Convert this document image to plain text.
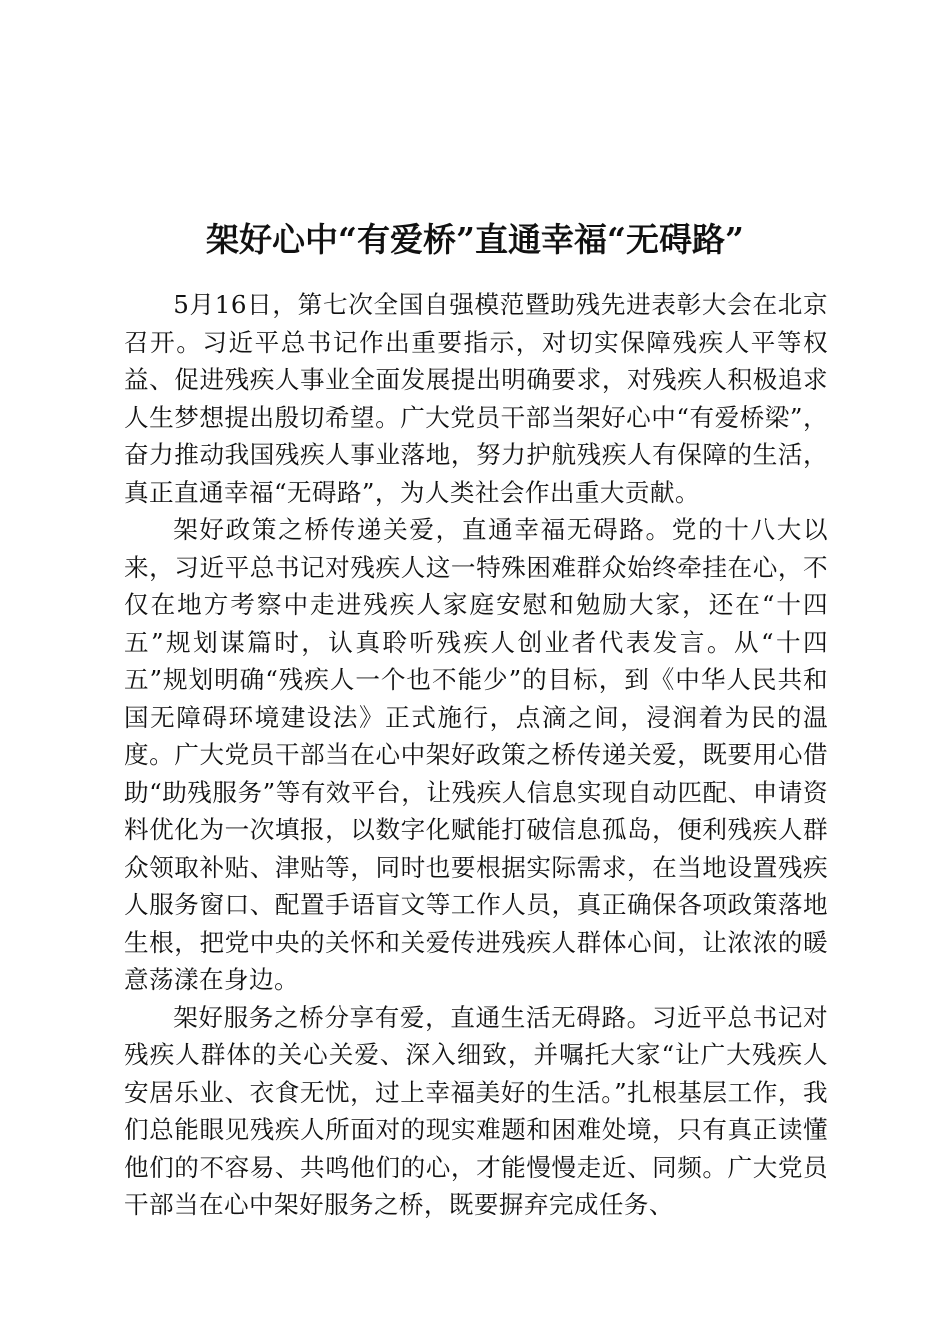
架好心中“有爱桥”直通幸福“无碍路”

5月16日，第七次全国自强模范暨助残先进表彰大会在北京召开。习近平总书记作出重要指示，对切实保障残疾人平等权益、促进残疾人事业全面发展提出明确要求，对残疾人积极追求人生梦想提出殷切希望。广大党员干部当架好心中“有爱桥梁”，奋力推动我国残疾人事业落地，努力护航残疾人有保障的生活，真正直通幸福“无碍路”，为人类社会作出重大贡献。

架好政策之桥传递关爱，直通幸福无碍路。党的十八大以来，习近平总书记对残疾人这一特殊困难群众始终牵挂在心，不仅在地方考察中走进残疾人家庭安慰和勉励大家，还在“十四五”规划谋篇时，认真聆听残疾人创业者代表发言。从“十四五”规划明确“残疾人一个也不能少”的目标，到《中华人民共和国无障碍环境建设法》正式施行，点滴之间，浸润着为民的温度。广大党员干部当在心中架好政策之桥传递关爱，既要用心借助“助残服务”等有效平台，让残疾人信息实现自动匹配、申请资料优化为一次填报，以数字化赋能打破信息孤岛，便利残疾人群众领取补贴、津贴等，同时也要根据实际需求，在当地设置残疾人服务窗口、配置手语盲文等工作人员，真正确保各项政策落地生根，把党中央的关怀和关爱传进残疾人群体心间，让浓浓的暖意荡漾在身边。

架好服务之桥分享有爱，直通生活无碍路。习近平总书记对残疾人群体的关心关爱、深入细致，并嘱托大家“让广大残疾人安居乐业、衣食无忧，过上幸福美好的生活。”扎根基层工作，我们总能眼见残疾人所面对的现实难题和困难处境，只有真正读懂他们的不容易、共鸣他们的心，才能慢慢走近、同频。广大党员干部当在心中架好服务之桥，既要摒弃完成任务、
